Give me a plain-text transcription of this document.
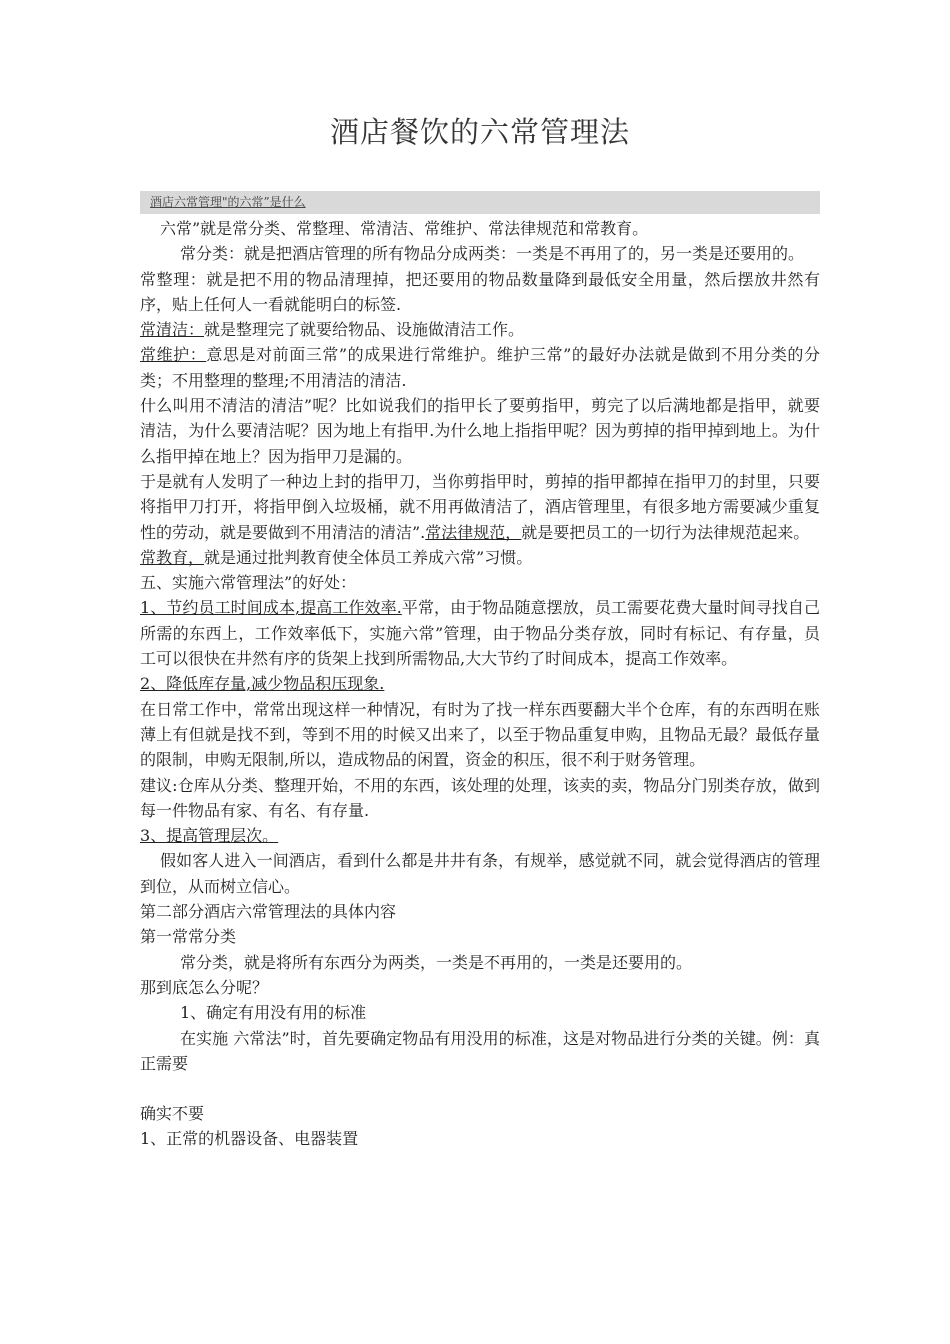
酒店餐饮的六常管理法
酒店六常管理"的六常”是什么

六常”就是常分类、常整理、常清洁、常维护、常法律规范和常教育。

常分类：就是把酒店管理的所有物品分成两类：一类是不再用了的，另一类是还要用的。

常整理：就是把不用的物品清理掉，把还要用的物品数量降到最低安全用量，然后摆放井然有序，贴上任何人一看就能明白的标签.

常清洁：就是整理完了就要给物品、设施做清洁工作。

常维护：意思是对前面三常”的成果进行常维护。维护三常”的最好办法就是做到不用分类的分类；不用整理的整理;不用清洁的清洁.

什么叫用不清洁的清洁”呢？比如说我们的指甲长了要剪指甲，剪完了以后满地都是指甲，就要清洁，为什么要清洁呢？因为地上有指甲.为什么地上指指甲呢？因为剪掉的指甲掉到地上。为什么指甲掉在地上？因为指甲刀是漏的。

于是就有人发明了一种边上封的指甲刀，当你剪指甲时，剪掉的指甲都掉在指甲刀的封里，只要将指甲刀打开，将指甲倒入垃圾桶，就不用再做清洁了，酒店管理里，有很多地方需要减少重复性的劳动，就是要做到不用清洁的清洁”.常法律规范，就是要把员工的一切行为法律规范起来。

常教育，就是通过批判教育使全体员工养成六常”习惯。

五、实施六常管理法”的好处：

1、节约员工时间成本,提高工作效率.平常，由于物品随意摆放，员工需要花费大量时间寻找自己所需的东西上，工作效率低下，实施六常”管理，由于物品分类存放，同时有标记、有存量，员工可以很快在井然有序的货架上找到所需物品,大大节约了时间成本，提高工作效率。

2、降低库存量,减少物品积压现象.

在日常工作中，常常出现这样一种情况，有时为了找一样东西要翻大半个仓库，有的东西明在账薄上有但就是找不到，等到不用的时候又出来了，以至于物品重复申购，且物品无最？最低存量的限制，申购无限制,所以，造成物品的闲置，资金的积压，很不利于财务管理。

建议:仓库从分类、整理开始，不用的东西，该处理的处理，该卖的卖，物品分门别类存放，做到每一件物品有家、有名、有存量.

3、提高管理层次。

假如客人进入一间酒店，看到什么都是井井有条，有规举，感觉就不同，就会觉得酒店的管理到位，从而树立信心。

第二部分酒店六常管理法的具体内容

第一常常分类

常分类，就是将所有东西分为两类，一类是不再用的，一类是还要用的。

那到底怎么分呢？

1、确定有用没有用的标准

在实施 六常法”时，首先要确定物品有用没用的标准，这是对物品进行分类的关键。例：真正需要

确实不要

1、正常的机器设备、电器装置
